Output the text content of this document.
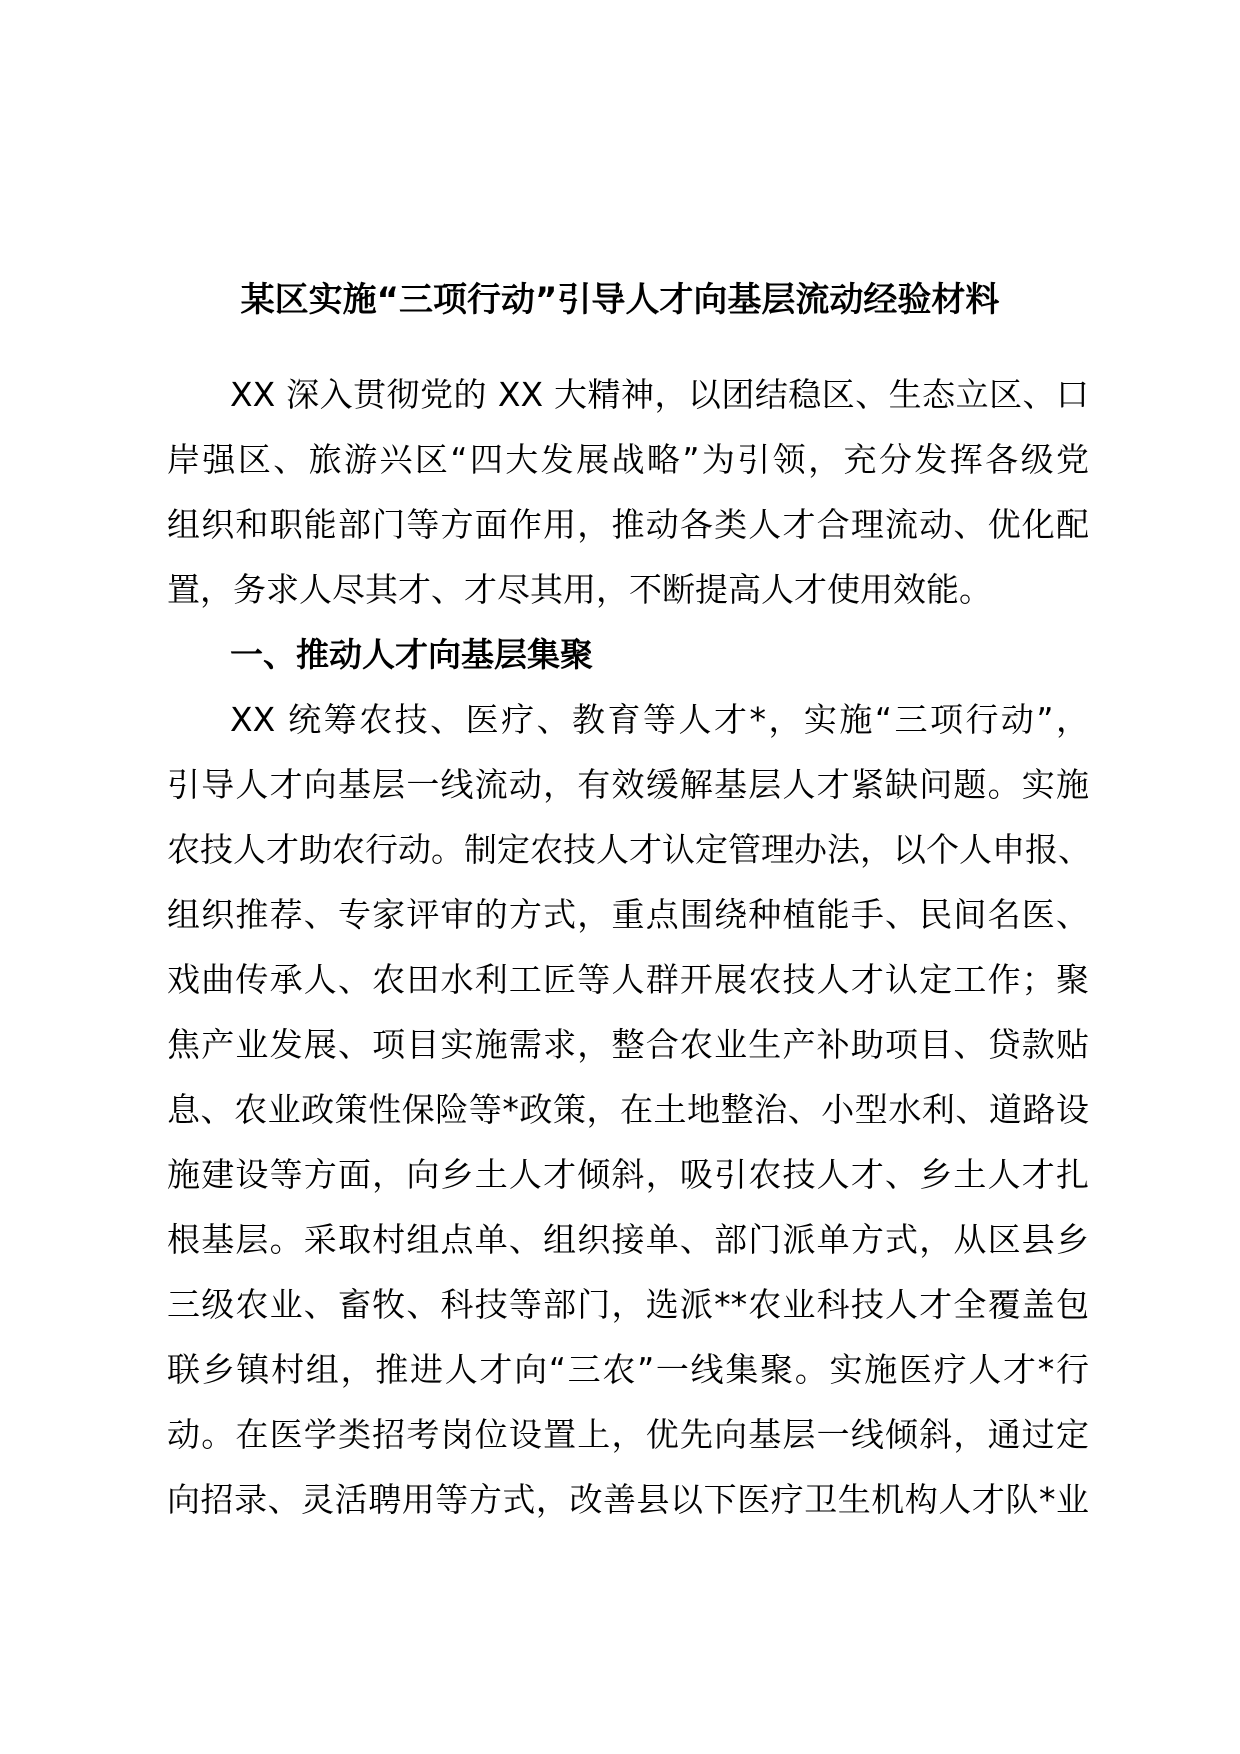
某区实施“三项行动”引导人才向基层流动经验材料
XX 深入贯彻党的 XX 大精神，以团结稳区、生态立区、口
岸强区、旅游兴区“四大发展战略”为引领，充分发挥各级党
组织和职能部门等方面作用，推动各类人才合理流动、优化配
置，务求人尽其才、才尽其用，不断提高人才使用效能。
一、推动人才向基层集聚
XX 统筹农技、医疗、教育等人才*，实施“三项行动”，
引导人才向基层一线流动，有效缓解基层人才紧缺问题。实施
农技人才助农行动。制定农技人才认定管理办法，以个人申报、
组织推荐、专家评审的方式，重点围绕种植能手、民间名医、
戏曲传承人、农田水利工匠等人群开展农技人才认定工作；聚
焦产业发展、项目实施需求，整合农业生产补助项目、贷款贴
息、农业政策性保险等*政策，在土地整治、小型水利、道路设
施建设等方面，向乡土人才倾斜，吸引农技人才、乡土人才扎
根基层。采取村组点单、组织接单、部门派单方式，从区县乡
三级农业、畜牧、科技等部门，选派**农业科技人才全覆盖包
联乡镇村组，推进人才向“三农”一线集聚。实施医疗人才*行
动。在医学类招考岗位设置上，优先向基层一线倾斜，通过定
向招录、灵活聘用等方式，改善县以下医疗卫生机构人才队*业
